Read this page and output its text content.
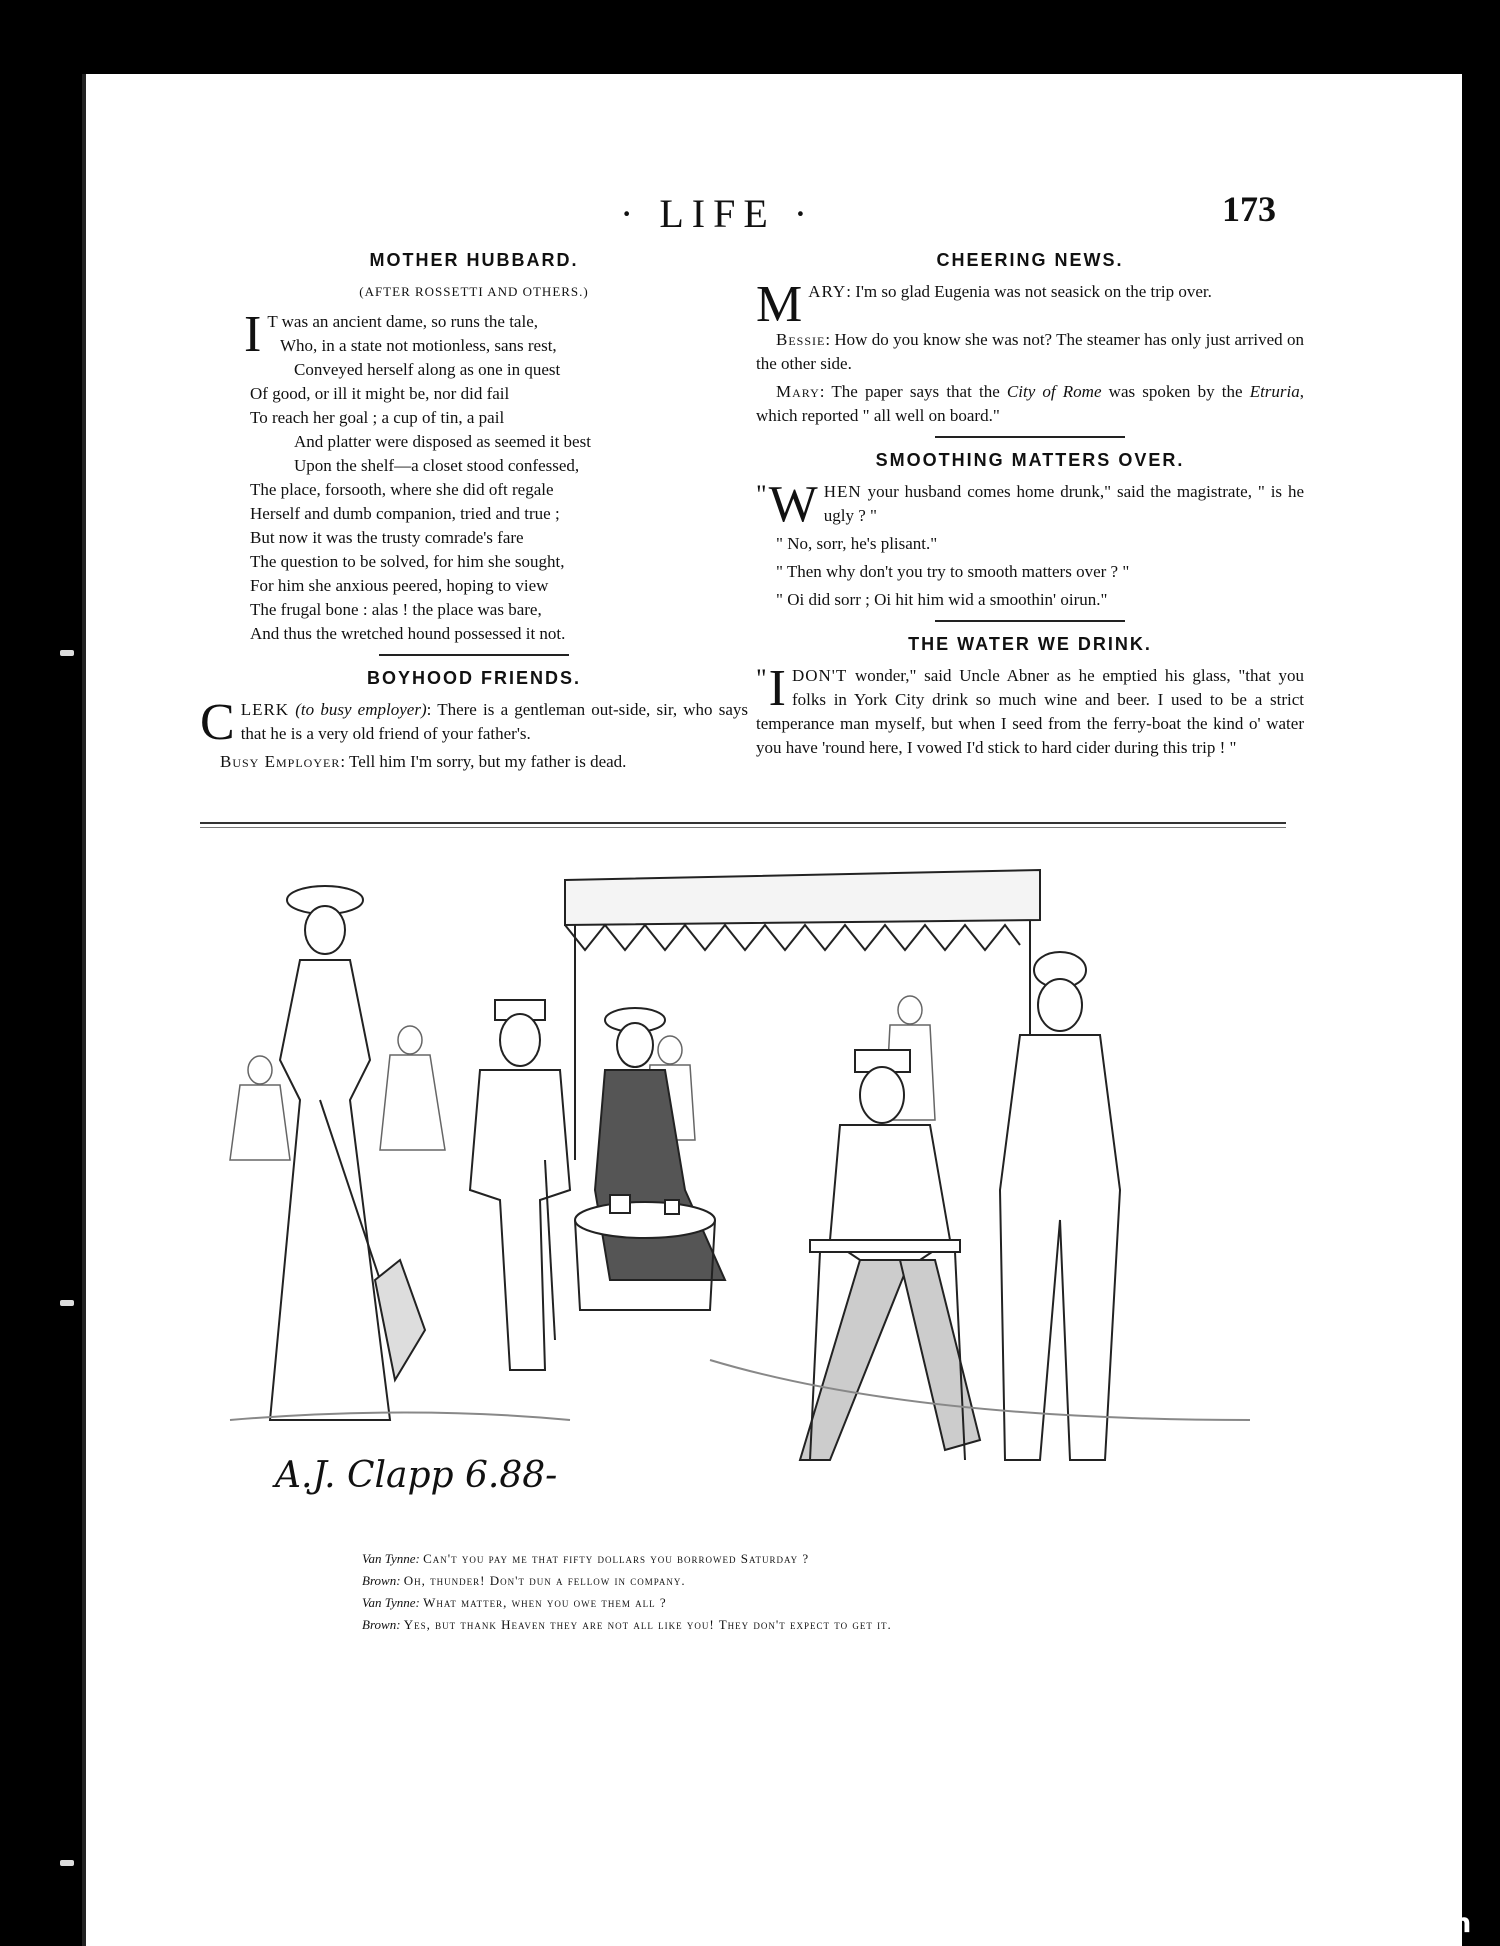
· LIFE ·	173
MOTHER HUBBARD.
(AFTER ROSSETTI AND OTHERS.)
I T was an ancient dame, so runs the tale,

Who, in a state not motionless, sans rest,

Conveyed herself along as one in quest

Of good, or ill it might be, nor did fail

To reach her goal ; a cup of tin, a pail

And platter were disposed as seemed it best

Upon the shelf—a closet stood confessed,

The place, forsooth, where she did oft regale

Herself and dumb companion, tried and true ;

But now it was the trusty comrade's fare

The question to be solved, for him she sought,

For him she anxious peered, hoping to view

The frugal bone : alas ! the place was bare,

And thus the wretched hound possessed it not.

BOYHOOD FRIENDS.

CLERK (to busy employer): There is a gentleman out-side, sir, who says that he is a very old friend of your father's.

Busy Employer: Tell him I'm sorry, but my father is dead.

CHEERING NEWS.

MARY: I'm so glad Eugenia was not seasick on the trip over.

Bessie: How do you know she was not? The steamer has only just arrived on the other side.

Mary: The paper says that the City of Rome was spoken by the Etruria, which reported " all well on board."

SMOOTHING MATTERS OVER.

" W HEN your husband comes home drunk," said the magistrate, " is he ugly ? "

" No, sorr, he's plisant."

" Then why don't you try to smooth matters over ? "

" Oi did sorr ; Oi hit him wid a smoothin' oirun."

THE WATER WE DRINK.

" I DON'T wonder," said Uncle Abner as he emptied his glass, "that you folks in York City drink so much wine and beer. I used to be a strict temperance man myself, but when I seed from the ferry-boat the kind o' water you have 'round here, I vowed I'd stick to hard cider during this trip ! "

A.J. Clapp 6.88-
Van Tynne: Can't you pay me that fifty dollars you borrowed Saturday ?
Brown: Oh, thunder! Don't dun a fellow in company.
Van Tynne: What matter, when you owe them all ?
Brown: Yes, but thank Heaven they are not all like you! They don't expect to get it.
comicbooks.com
